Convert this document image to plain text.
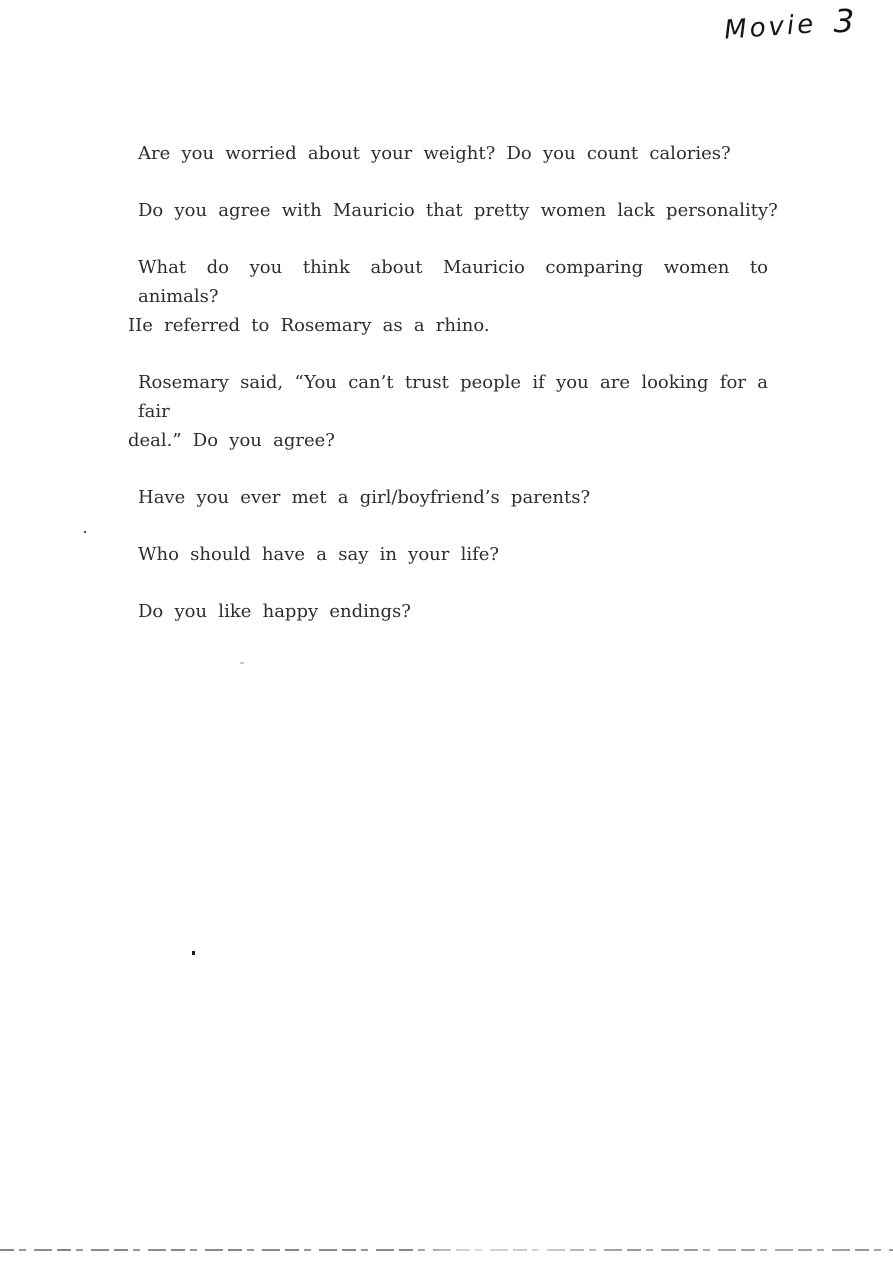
Movie 3

Are you worried about your weight? Do you count calories?

Do you agree with Mauricio that pretty women lack personality?

What do you think about Mauricio comparing women to animals?
IIe referred to Rosemary as a rhino.

Rosemary said, “You can’t trust people if you are looking for a fair
deal.” Do you agree?

Have you ever met a girl/boyfriend’s parents?

Who should have a say in your life?

Do you like happy endings?
